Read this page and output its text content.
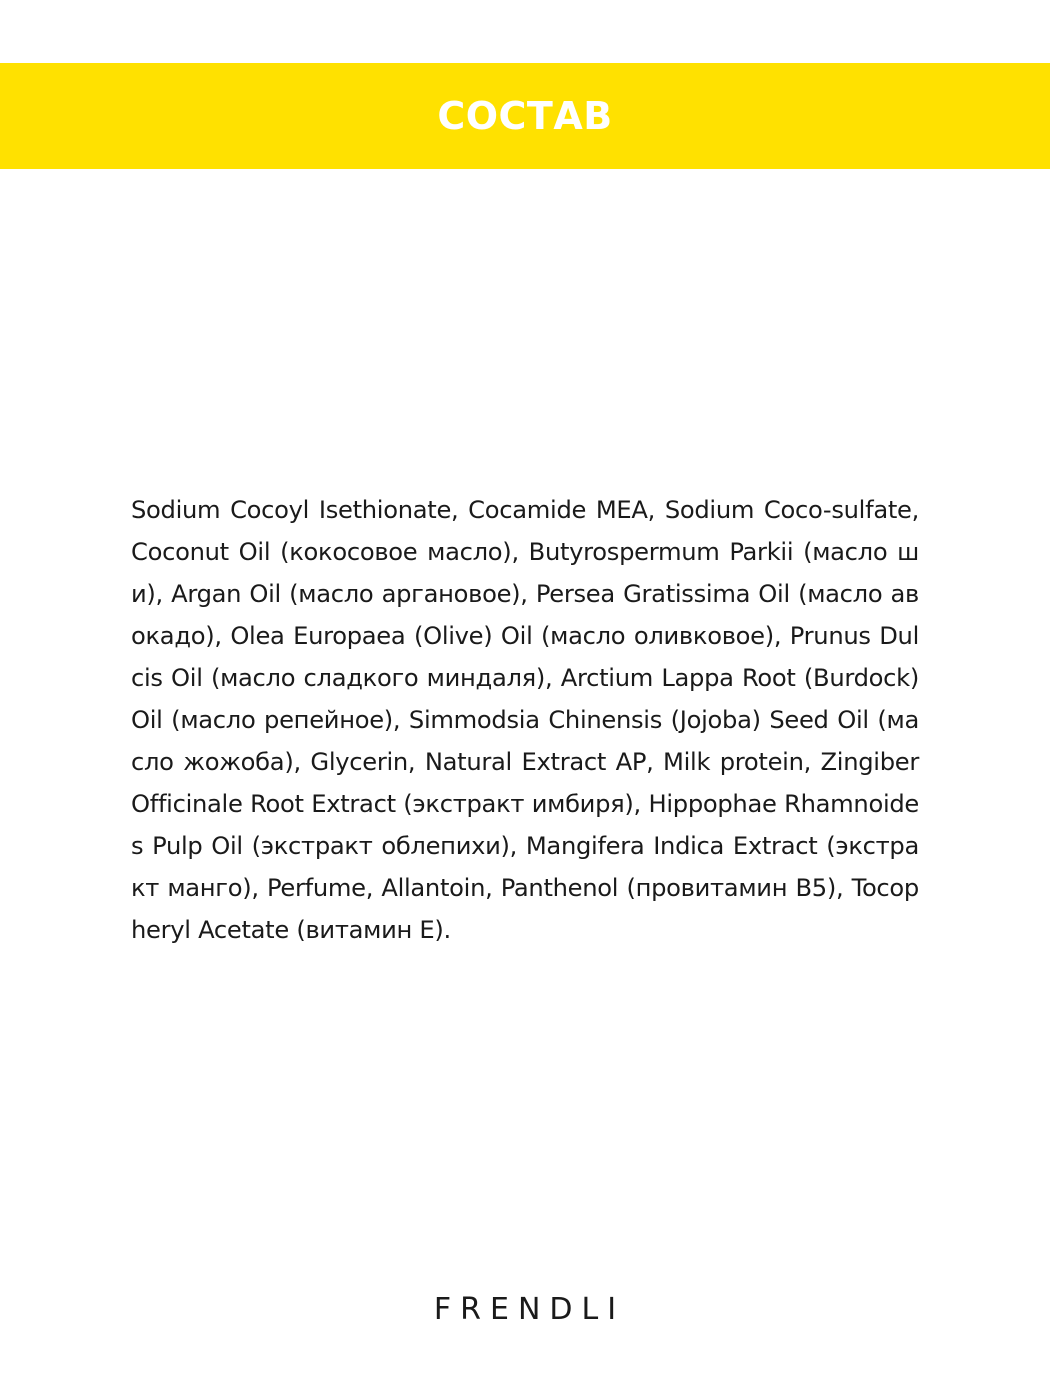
СОСТАВ

Sodium Cocoyl Isethionate, Cocamide MEA, Sodium Coco-sulfate, Coconut Oil (кокосовое масло), Butyrospermum Parkii (масло ши), Argan Oil (масло аргановое), Persea Gratissima Oil (масло авокадо), Olea Europaea (Olive) Oil (масло оливковое), Prunus Dulcis Oil (масло сладкого миндаля), Arctium Lappa Root (Burdock) Oil (масло репейное), Simmodsia Chinensis (Jojoba) Seed Oil (масло жожоба), Glycerin, Natural Extract AP, Milk protein, Zingiber Officinale Root Extract (экстракт имбиря), Hippophae Rhamnoides Pulp Oil (экстракт облепихи), Mangifera Indica Extract (экстракт манго), Perfume, Allantoin, Panthenol (провитамин B5), Tocopheryl Acetate (витамин E).

FRENDLI
